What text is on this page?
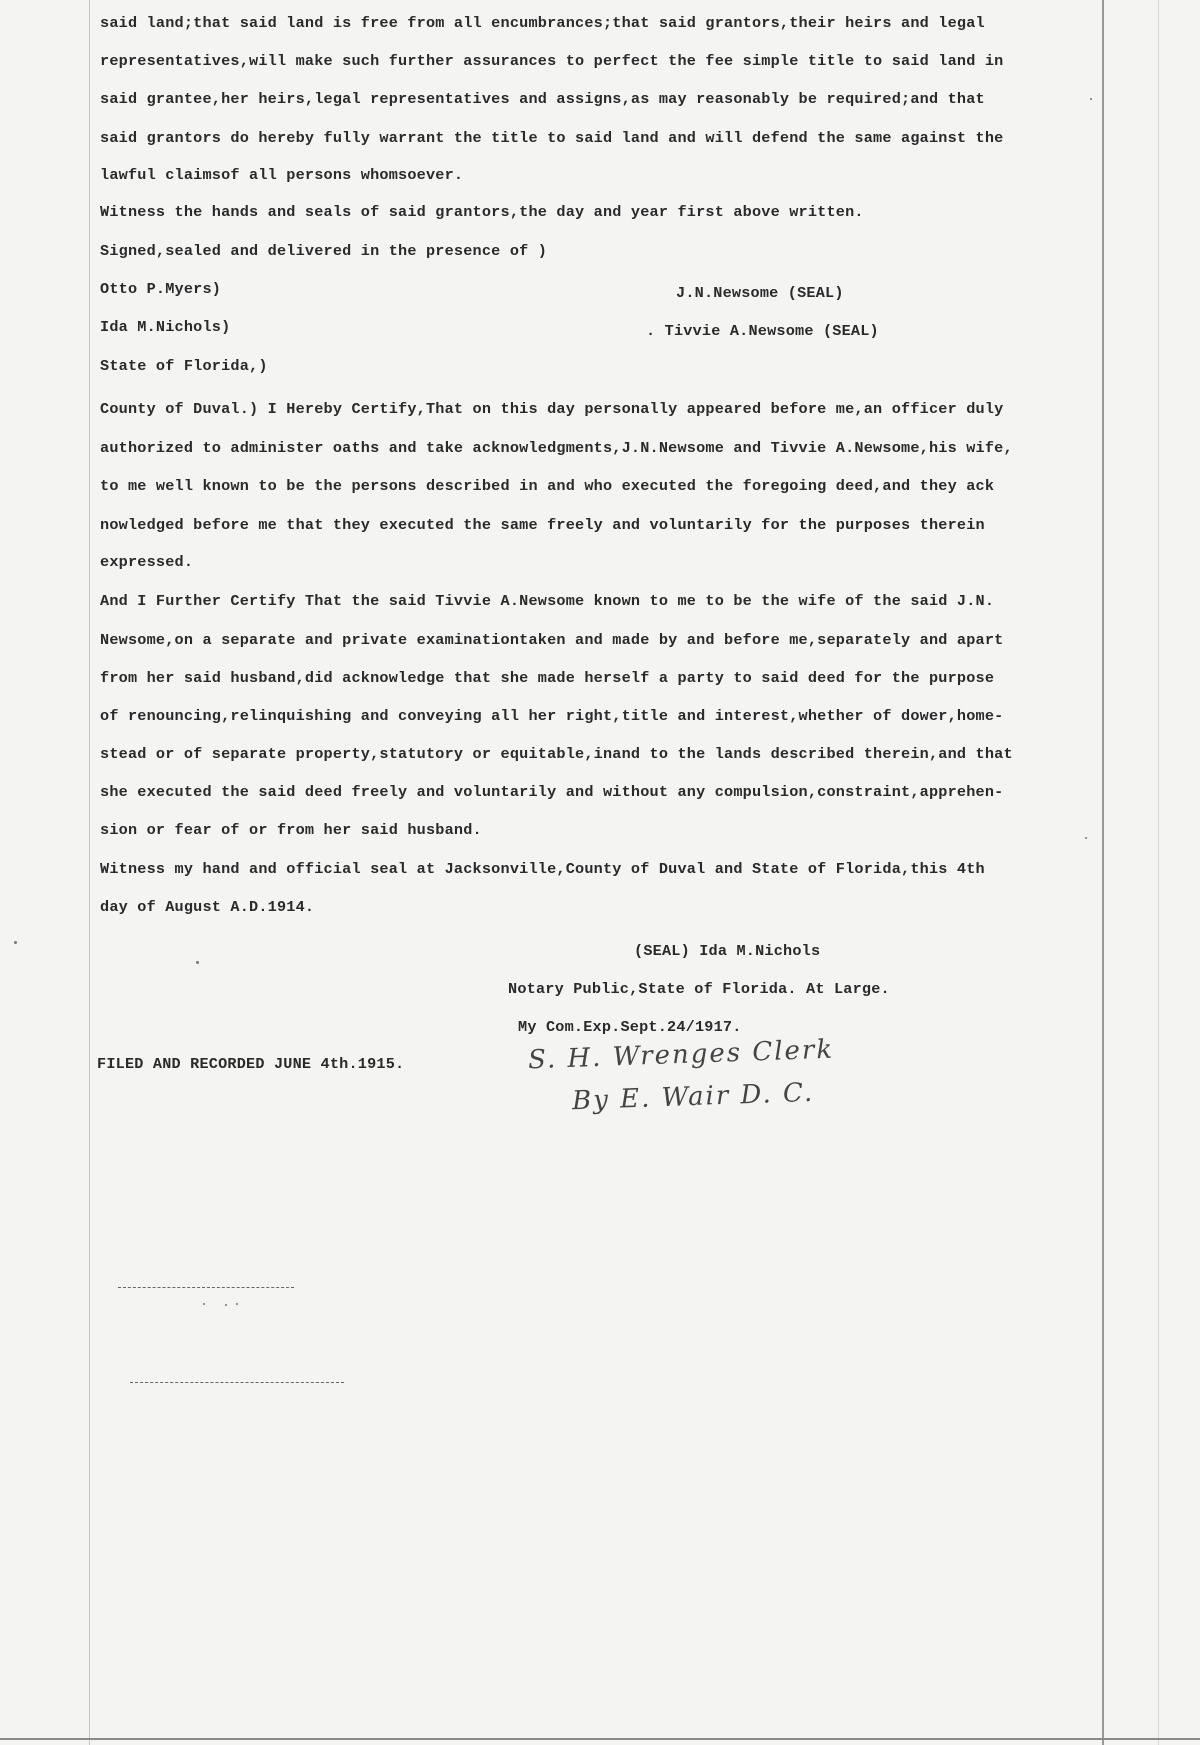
said land;that said land is free from all encumbrances;that said grantors,their heirs and legal
representatives,will make such further assurances to perfect the fee simple title to said land in
said grantee,her heirs,legal representatives and assigns,as may reasonably be required;and that
said grantors do hereby fully warrant the title to said land and will defend the same against the
lawful claimsof all persons whomsoever.
Witness the hands and seals of said grantors,the day and year first above written.
Signed,sealed and delivered in the presence of )
Otto P.Myers)	J.N.Newsome (SEAL)
Ida M.Nichols)	. Tivvie A.Newsome (SEAL)
State of Florida,)
County of Duval.) I Hereby Certify,That on this day personally appeared before me,an officer duly
authorized to administer oaths and take acknowledgments,J.N.Newsome and Tivvie A.Newsome,his wife,
to me well known to be the persons described in and who executed the foregoing deed,and they ack
nowledged before me that they executed the same freely and voluntarily for the purposes therein
expressed.
And I Further Certify That the said Tivvie A.Newsome known to me to be the wife of the said J.N.
Newsome,on a separate and private examinationtaken and made by and before me,separately and apart
from her said husband,did acknowledge that she made herself a party to said deed for the purpose
of renouncing,relinquishing and conveying all her right,title and interest,whether of dower,home-
stead or of separate property,statutory or equitable,inand to the lands described therein,and that
she executed the said deed freely and voluntarily and without any compulsion,constraint,apprehen-
sion or fear of or from her said husband.
Witness my hand and official seal at Jacksonville,County of Duval and State of Florida,this 4th
day of August A.D.1914.
(SEAL) Ida M.Nichols
Notary Public,State of Florida. At Large.
My Com.Exp.Sept.24/1917.
FILED AND RECORDED JUNE 4th.1915.	S. H. Wrenges Clerk
By E. Wair D. C.
